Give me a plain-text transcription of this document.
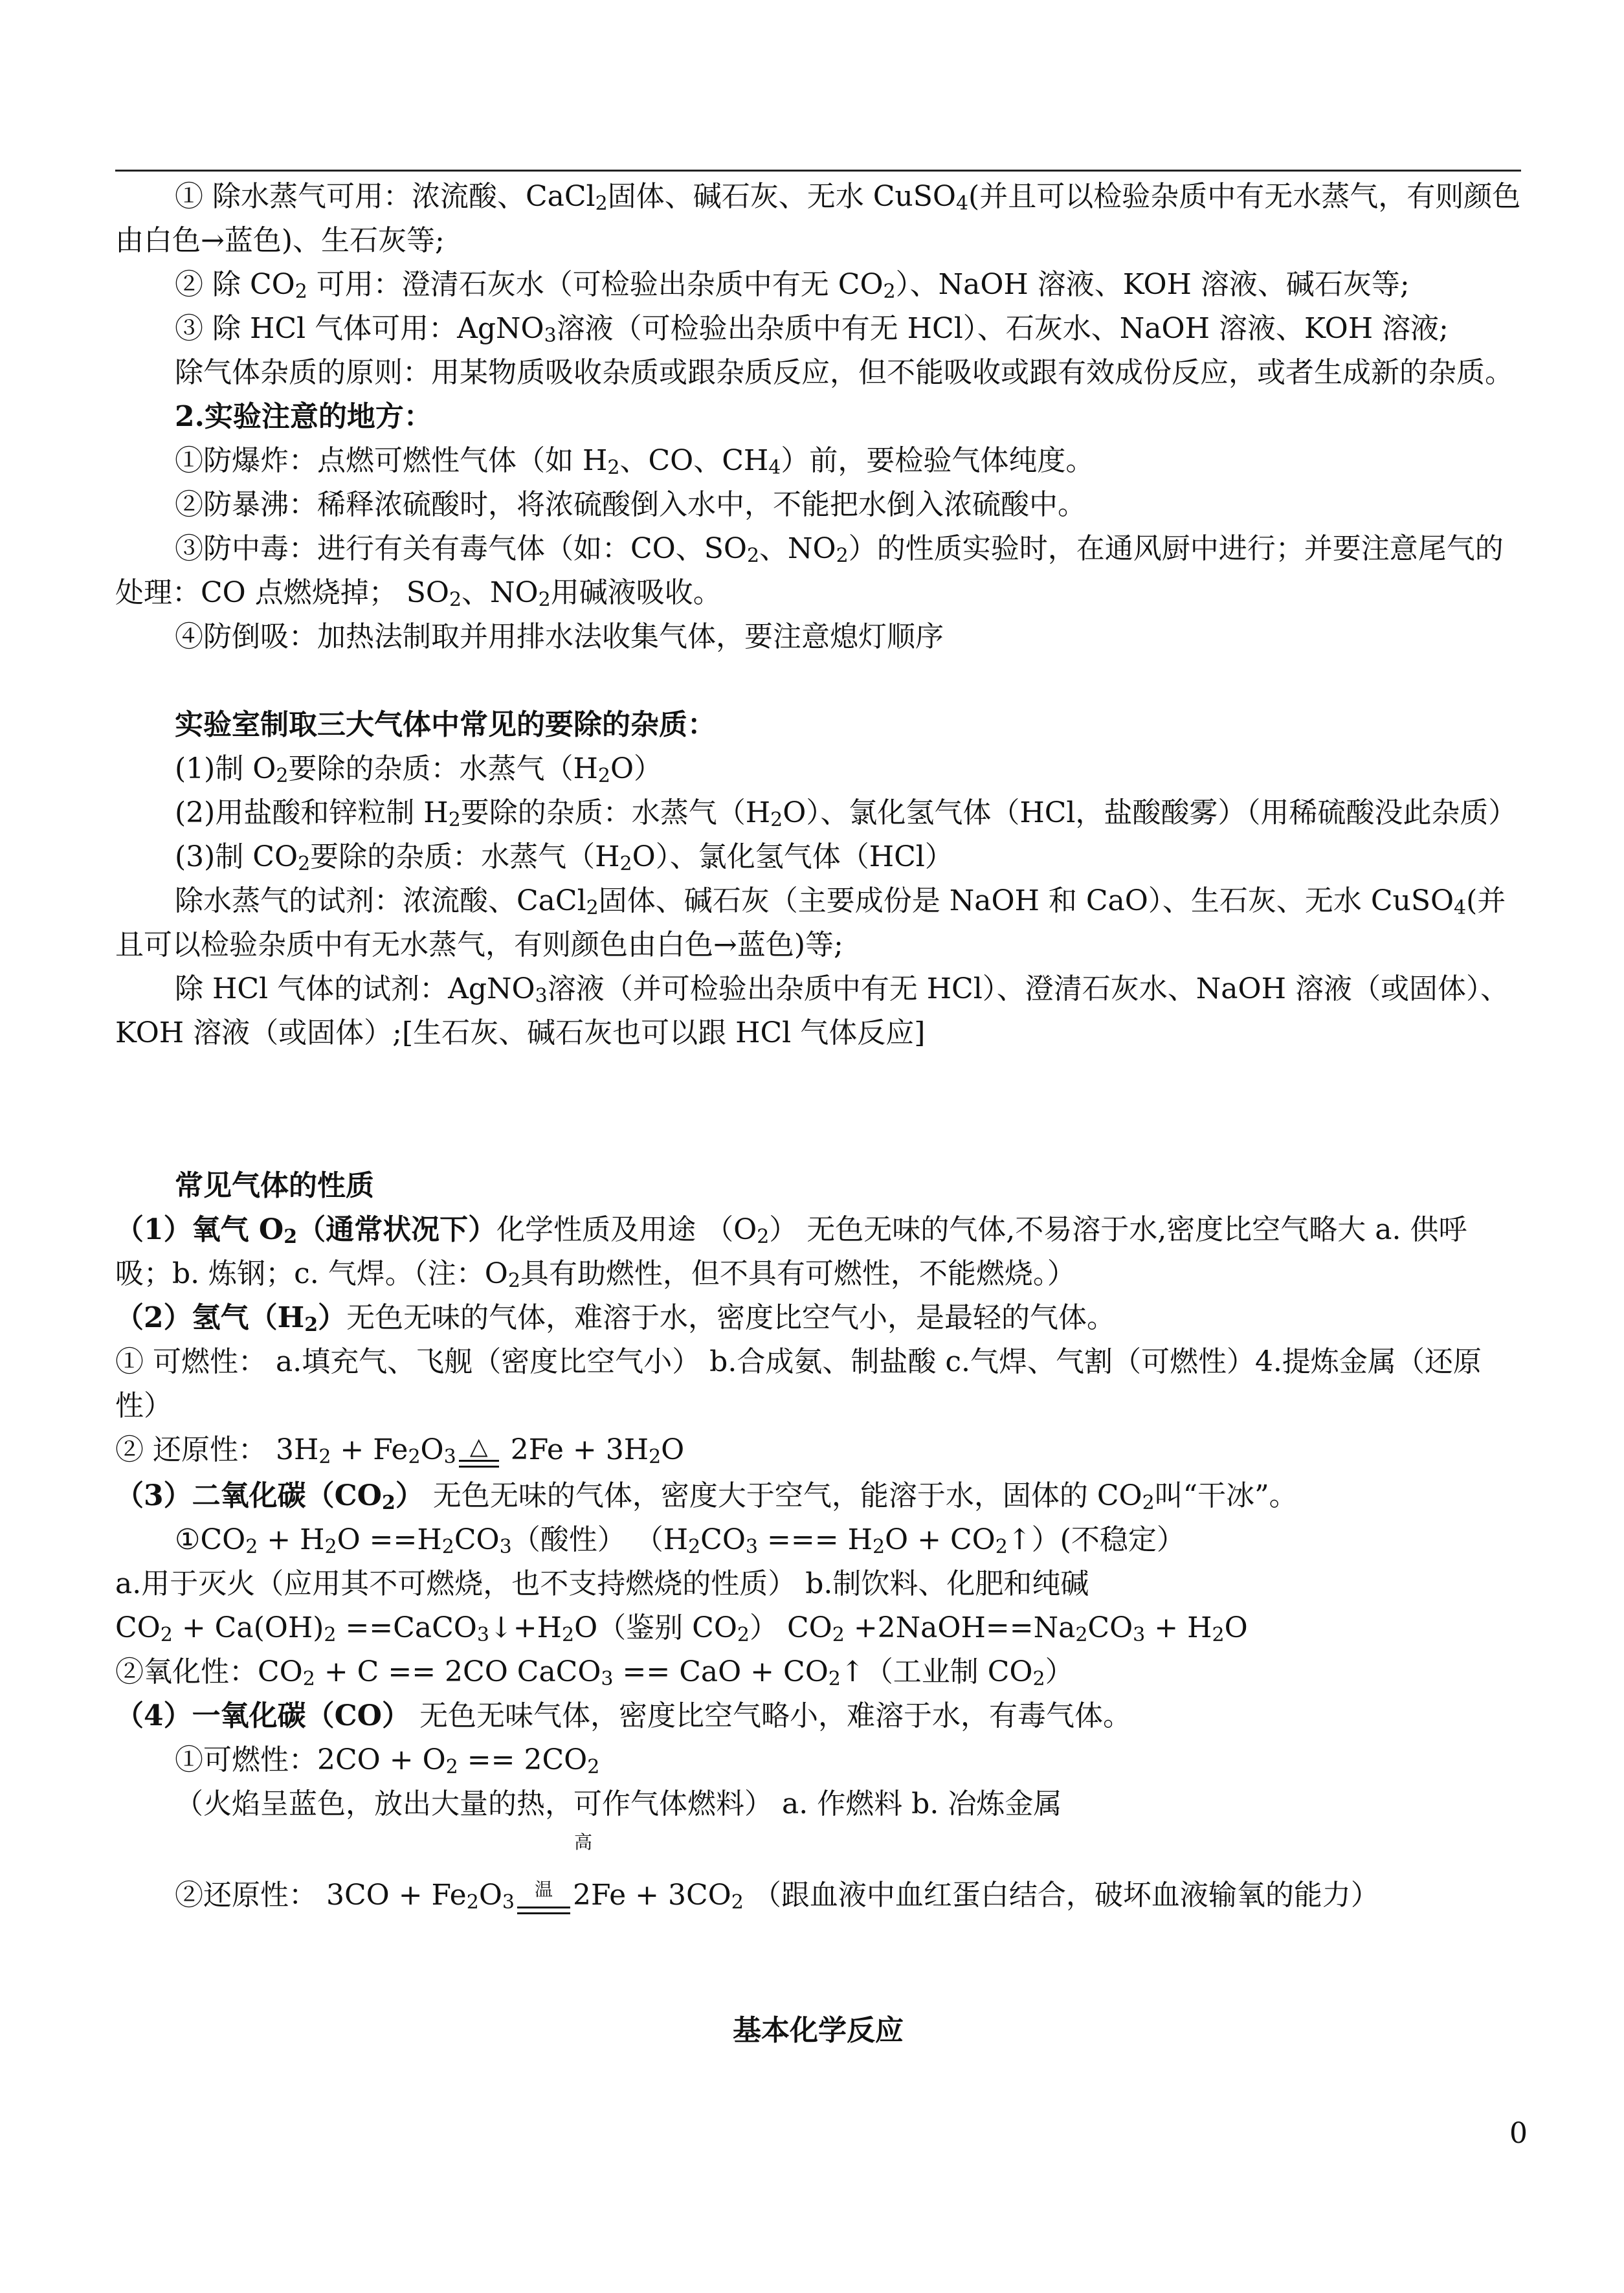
① 除水蒸气可用：浓流酸、CaCl$_2$固体、碱石灰、无水 CuSO$_4$(并且可以检验杂质中有无水蒸气，有则颜色由白色→蓝色)、生石灰等;

② 除 $CO_2$ 可用：澄清石灰水（可检验出杂质中有无 $CO_2$）、NaOH 溶液、KOH 溶液、碱石灰等;

③ 除 HCl 气体可用：AgNO$_3$溶液（可检验出杂质中有无 HCl）、石灰水、NaOH 溶液、KOH 溶液;

除气体杂质的原则：用某物质吸收杂质或跟杂质反应，但不能吸收或跟有效成份反应，或者生成新的杂质。

2.实验注意的地方：

①防爆炸：点燃可燃性气体（如 $H_2$、CO、$CH_4$）前，要检验气体纯度。

②防暴沸：稀释浓硫酸时，将浓硫酸倒入水中，不能把水倒入浓硫酸中。

③防中毒：进行有关有毒气体（如：CO、$SO_2$、$NO_2$）的性质实验时，在通风厨中进行；并要注意尾气的处理：CO 点燃烧掉； $SO_2$、$NO_2$用碱液吸收。

④防倒吸：加热法制取并用排水法收集气体，要注意熄灯顺序

实验室制取三大气体中常见的要除的杂质：

(1)制 $O_2$要除的杂质：水蒸气$(H_2O)$

(2)用盐酸和锌粒制 $H_2$要除的杂质：水蒸气$(H_2O)$、氯化氢气体（HCl，盐酸酸雾）（用稀硫酸没此杂质）

(3)制 $CO_2$要除的杂质：水蒸气$(H_2O)$、氯化氢气体（HCl）

除水蒸气的试剂：浓流酸、CaCl$_2$固体、碱石灰（主要成份是 NaOH 和 CaO）、生石灰、无水 CuSO$_4$(并且可以检验杂质中有无水蒸气，有则颜色由白色→蓝色)等;

除 HCl 气体的试剂：AgNO$_3$溶液（并可检验出杂质中有无 HCl）、澄清石灰水、NaOH 溶液（或固体）、KOH 溶液（或固体）;[生石灰、碱石灰也可以跟 HCl 气体反应]

常见气体的性质

（1）氧气 $O_2$（通常状况下）化学性质及用途 $(O_2)$ 无色无味的气体,不易溶于水,密度比空气略大 a. 供呼吸；b. 炼钢；c. 气焊。（注：$O_2$具有助燃性，但不具有可燃性，不能燃烧。）

（2）氢气$(H_2)$无色无味的气体，难溶于水，密度比空气小，是最轻的气体。

① 可燃性： a.填充气、飞舰（密度比空气小） b.合成氨、制盐酸 c.气焊、气割（可燃性）4.提炼金属（还原性）

② 还原性： $3H_2 + Fe_2O_3$ △
$2Fe + 3H_2O$

（3）二氧化碳$(CO_2)$ 无色无味的气体，密度大于空气，能溶于水，固体的 $CO_2$叫“干冰”。

$①CO_2 + H_2O ==H_2CO_3$（酸性） （$H_2CO_3$ === $H_2O$ + $CO_2↑$）(不稳定）

a.用于灭火（应用其不可燃烧，也不支持燃烧的性质） b.制饮料、化肥和纯碱

$CO_2 + Ca(OH)_2$ $==CaCO_3↓+H_2O$（鉴别 $CO_2$） $CO_2$ $+2NaOH==Na_2CO_3 + H_2O$

②氧化性：$CO_2 + C == 2CO$ CaCO$_3$ == CaO + $CO_2↑$（工业制 $CO_2$）

（4）一氧化碳（CO） 无色无味气体，密度比空气略小，难溶于水，有毒气体。

①可燃性：$2CO + O_2 == 2CO_2$

（火焰呈蓝色，放出大量的热，可作气体燃料） a. 作燃料 b. 冶炼金属

②还原性： $3CO + Fe_2O_3^{高温}$ $2Fe + 3CO_2$ （跟血液中血红蛋白结合，破坏血液输氧的能力）

基本化学反应

0
